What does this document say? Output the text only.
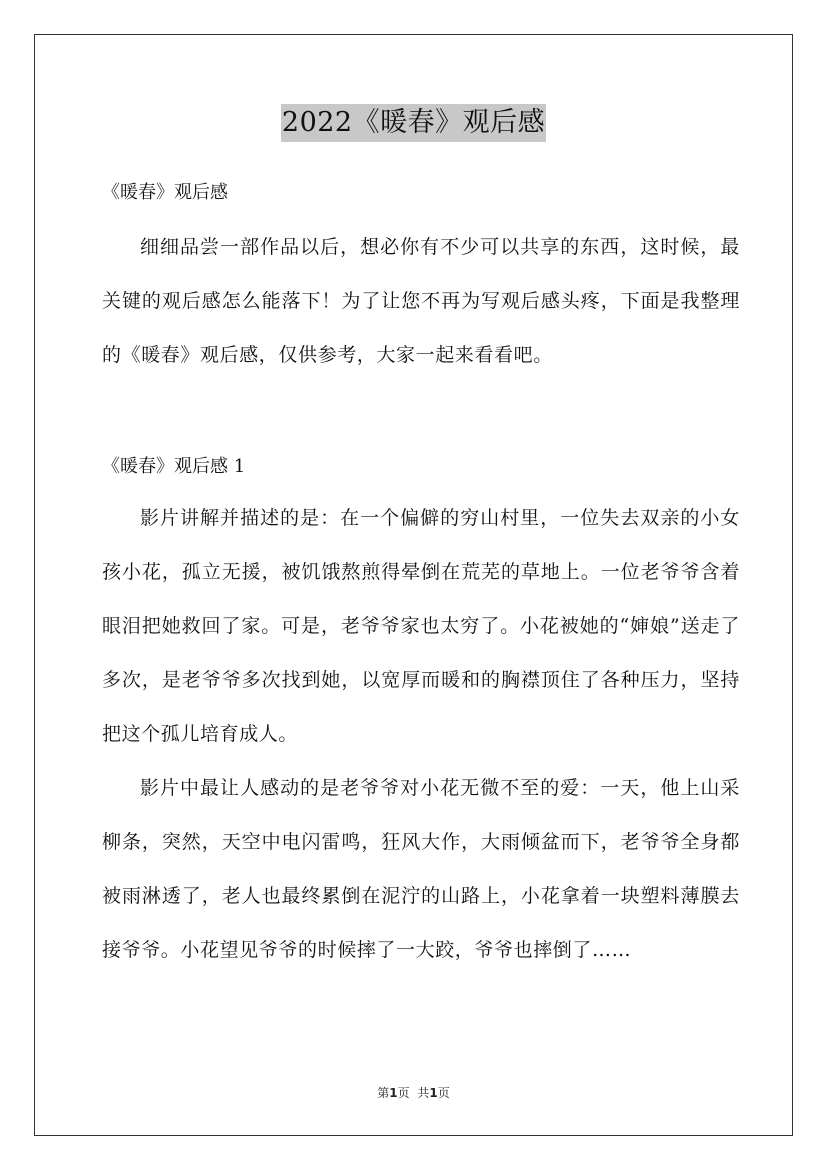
2022《暖春》观后感

《暖春》观后感

细细品尝一部作品以后，想必你有不少可以共享的东西，这时候，最关键的观后感怎么能落下！为了让您不再为写观后感头疼，下面是我整理的《暖春》观后感，仅供参考，大家一起来看看吧。

《暖春》观后感 1

影片讲解并描述的是：在一个偏僻的穷山村里，一位失去双亲的小女孩小花，孤立无援，被饥饿熬煎得晕倒在荒芜的草地上。一位老爷爷含着眼泪把她救回了家。可是，老爷爷家也太穷了。小花被她的“婶娘”送走了多次，是老爷爷多次找到她，以宽厚而暖和的胸襟顶住了各种压力，坚持把这个孤儿培育成人。

影片中最让人感动的是老爷爷对小花无微不至的爱：一天，他上山采柳条，突然，天空中电闪雷鸣，狂风大作，大雨倾盆而下，老爷爷全身都被雨淋透了，老人也最终累倒在泥泞的山路上，小花拿着一块塑料薄膜去接爷爷。小花望见爷爷的时候摔了一大跤，爷爷也摔倒了……

第1页 共1页
